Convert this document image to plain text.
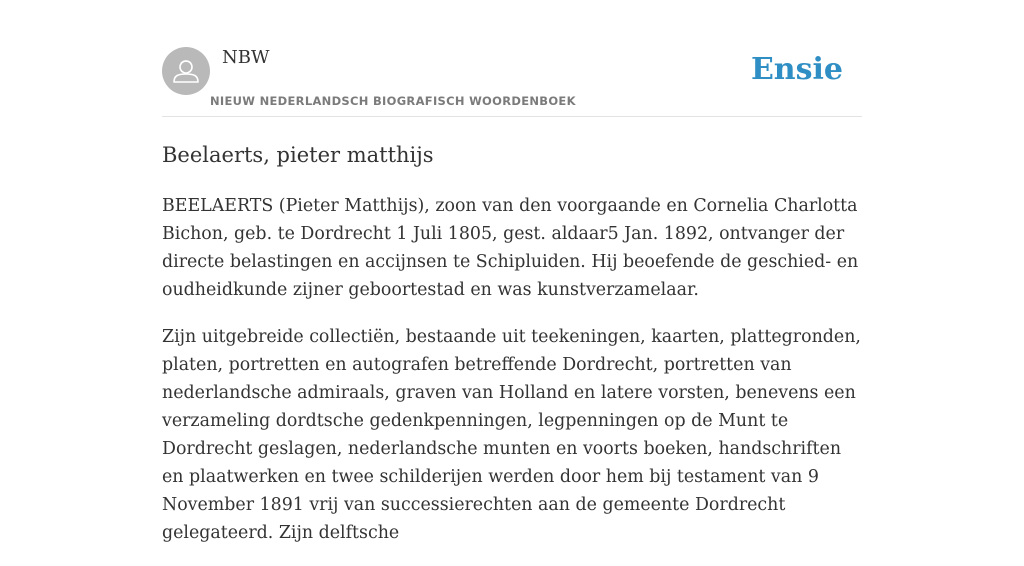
NBW
NIEUW NEDERLANDSCH BIOGRAFISCH WOORDENBOEK
Ensie
Beelaerts, pieter matthijs

BEELAERTS (Pieter Matthijs), zoon van den voorgaande en Cornelia Charlotta Bichon, geb. te Dordrecht 1 Juli 1805, gest. aldaar5 Jan. 1892, ontvanger der directe belastingen en accijnsen te Schipluiden. Hij beoefende de geschied- en oudheidkunde zijner geboortestad en was kunstverzamelaar.

Zijn uitgebreide collectiën, bestaande uit teekeningen, kaarten, plattegronden, platen, portretten en autografen betreffende Dordrecht, portretten van nederlandsche admiraals, graven van Holland en latere vorsten, benevens een verzameling dordtsche gedenkpenningen, legpenningen op de Munt te Dordrecht geslagen, nederlandsche munten en voorts boeken, handschriften en plaatwerken en twee schilderijen werden door hem bij testament van 9 November 1891 vrij van successierechten aan de gemeente Dordrecht gelegateerd. Zijn delftsche
